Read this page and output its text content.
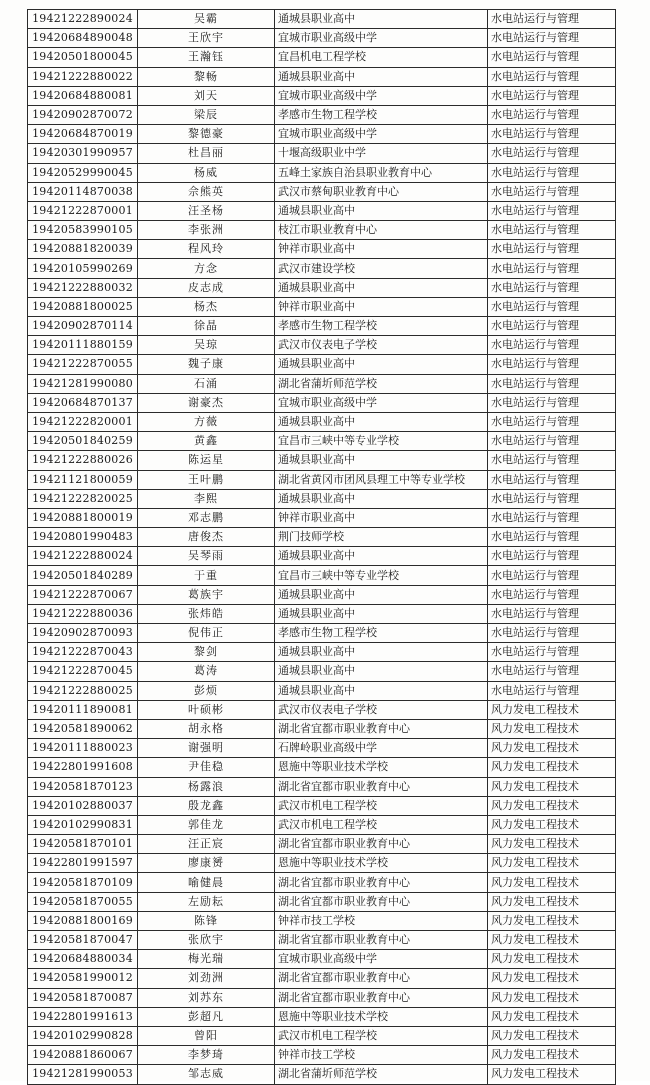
19421222890024	吴霸	通城县职业高中	水电站运行与管理
19420684890048	王欣宇	宜城市职业高级中学	水电站运行与管理
19420501800045	王瀚钰	宜昌机电工程学校	水电站运行与管理
19421222880022	黎畅	通城县职业高中	水电站运行与管理
19420684880081	刘天	宜城市职业高级中学	水电站运行与管理
19420902870072	梁辰	孝感市生物工程学校	水电站运行与管理
19420684870019	黎德豪	宜城市职业高级中学	水电站运行与管理
19420301990957	杜昌丽	十堰高级职业中学	水电站运行与管理
19420529990045	杨威	五峰土家族自治县职业教育中心	水电站运行与管理
19420114870038	佘熊英	武汉市蔡甸职业教育中心	水电站运行与管理
19421222870001	汪圣杨	通城县职业高中	水电站运行与管理
19420583990105	李张洲	枝江市职业教育中心	水电站运行与管理
19420881820039	程风玲	钟祥市职业高中	水电站运行与管理
19420105990269	方念	武汉市建设学校	水电站运行与管理
19421222880032	皮志成	通城县职业高中	水电站运行与管理
19420881800025	杨杰	钟祥市职业高中	水电站运行与管理
19420902870114	徐晶	孝感市生物工程学校	水电站运行与管理
19420111880159	吴琼	武汉市仪表电子学校	水电站运行与管理
19421222870055	魏子康	通城县职业高中	水电站运行与管理
19421281990080	石涌	湖北省蒲圻师范学校	水电站运行与管理
19420684870137	谢豪杰	宜城市职业高级中学	水电站运行与管理
19421222820001	方薇	通城县职业高中	水电站运行与管理
19420501840259	黄鑫	宜昌市三峡中等专业学校	水电站运行与管理
19421222880026	陈运星	通城县职业高中	水电站运行与管理
19421121800059	王叶鹏	湖北省黄冈市团风县理工中等专业学校	水电站运行与管理
19421222820025	李熙	通城县职业高中	水电站运行与管理
19420881800019	邓志鹏	钟祥市职业高中	水电站运行与管理
19420801990483	唐俊杰	荆门技师学校	水电站运行与管理
19421222880024	吴琴雨	通城县职业高中	水电站运行与管理
19420501840289	于重	宜昌市三峡中等专业学校	水电站运行与管理
19421222870067	葛族宇	通城县职业高中	水电站运行与管理
19421222880036	张炜皓	通城县职业高中	水电站运行与管理
19420902870093	倪伟正	孝感市生物工程学校	水电站运行与管理
19421222870043	黎剑	通城县职业高中	水电站运行与管理
19421222870045	葛涛	通城县职业高中	水电站运行与管理
19421222880025	彭烦	通城县职业高中	水电站运行与管理
19420111890081	叶硕彬	武汉市仪表电子学校	风力发电工程技术
19420581890062	胡永格	湖北省宜都市职业教育中心	风力发电工程技术
19420111880023	谢强明	石牌岭职业高级中学	风力发电工程技术
19422801991608	尹佳稳	恩施中等职业技术学校	风力发电工程技术
19420581870123	杨露浪	湖北省宜都市职业教育中心	风力发电工程技术
19420102880037	殷龙鑫	武汉市机电工程学校	风力发电工程技术
19420102990831	郭佳龙	武汉市机电工程学校	风力发电工程技术
19420581870101	汪正宸	湖北省宜都市职业教育中心	风力发电工程技术
19422801991597	廖康赟	恩施中等职业技术学校	风力发电工程技术
19420581870109	喻健晨	湖北省宜都市职业教育中心	风力发电工程技术
19420581870055	左励耘	湖北省宜都市职业教育中心	风力发电工程技术
19420881800169	陈锋	钟祥市技工学校	风力发电工程技术
19420581870047	张欣宇	湖北省宜都市职业教育中心	风力发电工程技术
19420684880034	梅光瑞	宜城市职业高级中学	风力发电工程技术
19420581990012	刘劲洲	湖北省宜都市职业教育中心	风力发电工程技术
19420581870087	刘苏东	湖北省宜都市职业教育中心	风力发电工程技术
19422801991613	彭超凡	恩施中等职业技术学校	风力发电工程技术
19420102990828	曾阳	武汉市机电工程学校	风力发电工程技术
19420881860067	李梦琦	钟祥市技工学校	风力发电工程技术
19421281990053	邹志威	湖北省蒲圻师范学校	风力发电工程技术
